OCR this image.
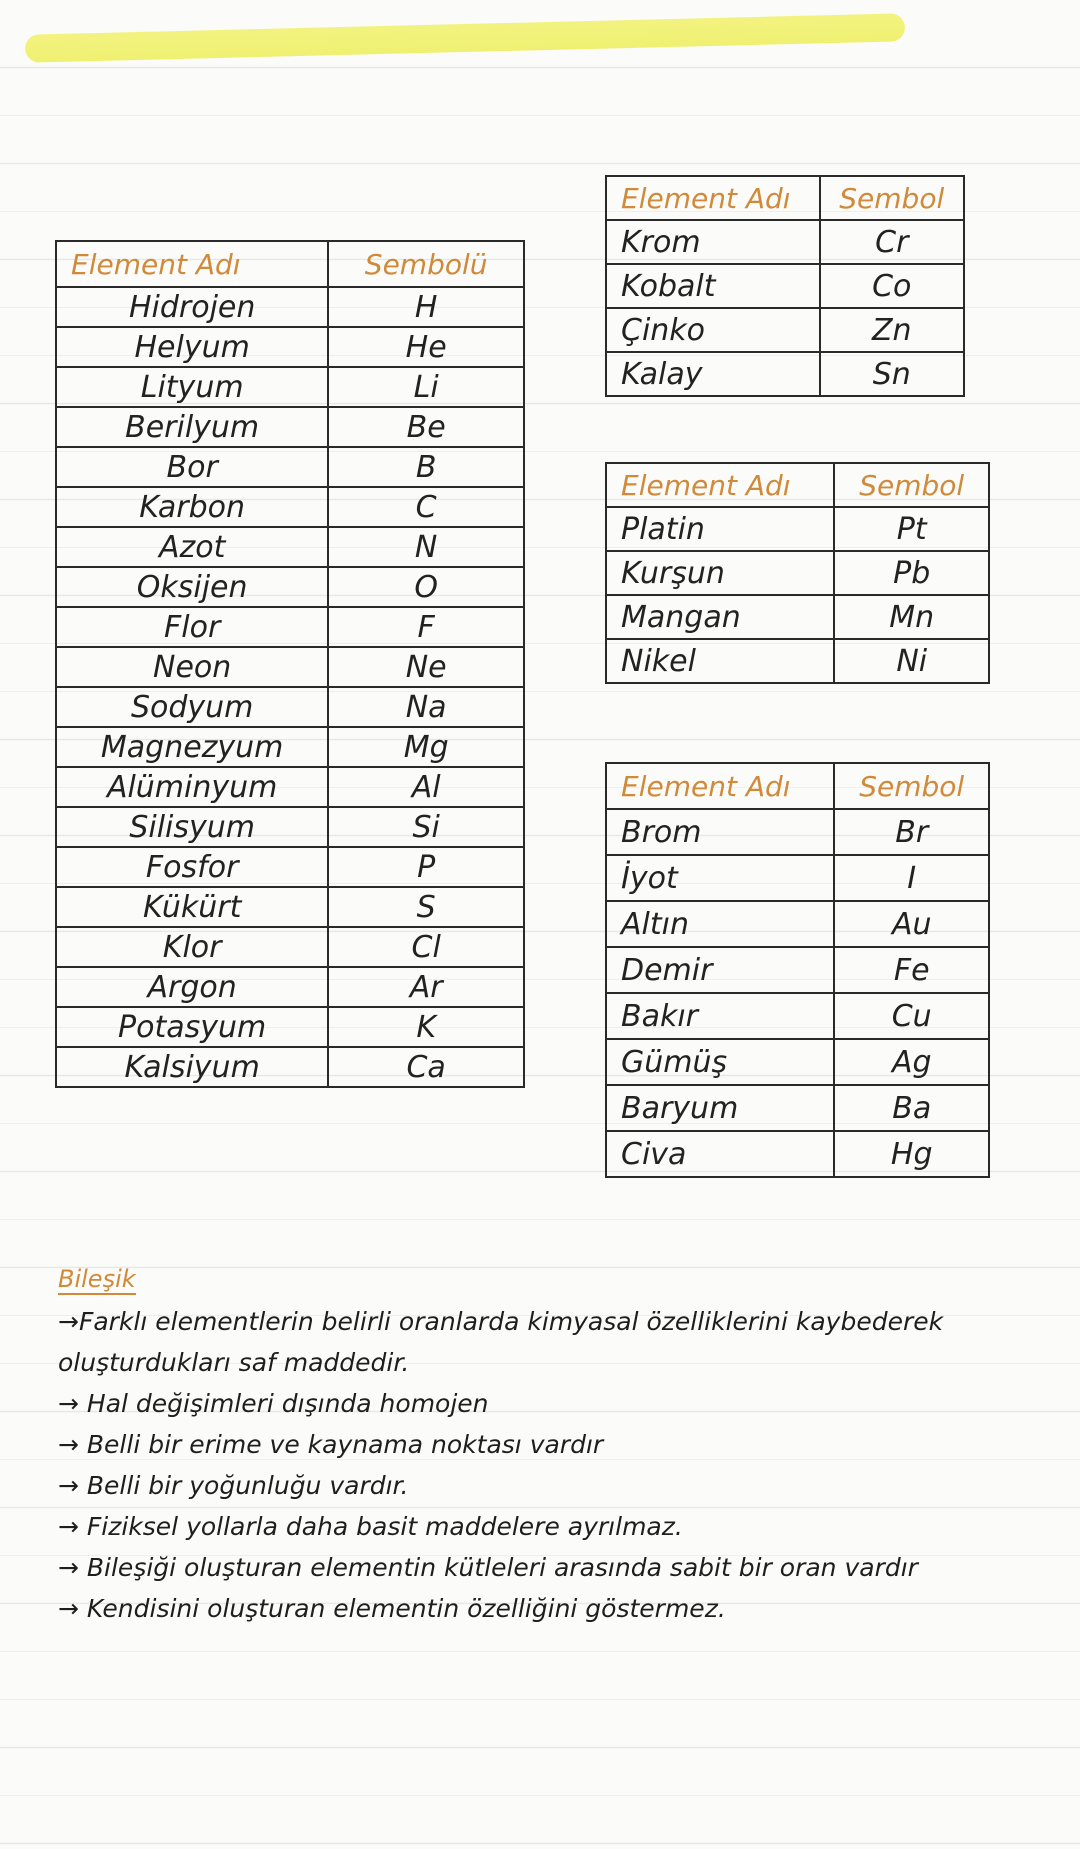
Element Adı	Sembolü
Hidrojen	H
Helyum	He
Lityum	Li
Berilyum	Be
Bor	B
Karbon	C
Azot	N
Oksijen	O
Flor	F
Neon	Ne
Sodyum	Na
Magnezyum	Mg
Alüminyum	Al
Silisyum	Si
Fosfor	P
Kükürt	S
Klor	Cl
Argon	Ar
Potasyum	K
Kalsiyum	Ca
Element Adı	Sembol
Krom	Cr
Kobalt	Co
Çinko	Zn
Kalay	Sn
Element Adı	Sembol
Platin	Pt
Kurşun	Pb
Mangan	Mn
Nikel	Ni
Element Adı	Sembol
Brom	Br
İyot	I
Altın	Au
Demir	Fe
Bakır	Cu
Gümüş	Ag
Baryum	Ba
Civa	Hg
Bileşik
→Farklı elementlerin belirli oranlarda kimyasal özelliklerini kaybederek
oluşturdukları saf maddedir.
→ Hal değişimleri dışında homojen
→ Belli bir erime ve kaynama noktası vardır
→ Belli bir yoğunluğu vardır.
→ Fiziksel yollarla daha basit maddelere ayrılmaz.
→ Bileşiği oluşturan elementin kütleleri arasında sabit bir oran vardır
→ Kendisini oluşturan elementin özelliğini göstermez.
